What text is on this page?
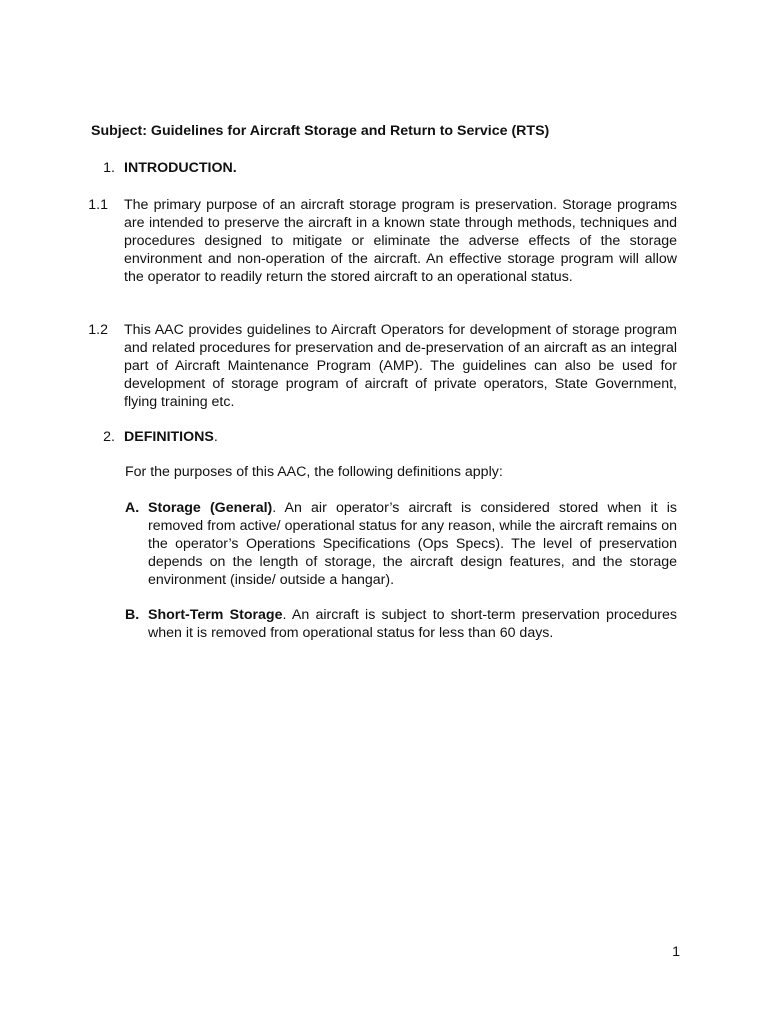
Subject: Guidelines for Aircraft Storage and Return to Service (RTS)
1. INTRODUCTION.
1.1 The primary purpose of an aircraft storage program is preservation. Storage programs are intended to preserve the aircraft in a known state through methods, techniques and procedures designed to mitigate or eliminate the adverse effects of the storage environment and non-operation of the aircraft. An effective storage program will allow the operator to readily return the stored aircraft to an operational status.
1.2 This AAC provides guidelines to Aircraft Operators for development of storage program and related procedures for preservation and de-preservation of an aircraft as an integral part of Aircraft Maintenance Program (AMP). The guidelines can also be used for development of storage program of aircraft of private operators, State Government, flying training etc.
2. DEFINITIONS.
For the purposes of this AAC, the following definitions apply:
A. Storage (General). An air operator’s aircraft is considered stored when it is removed from active/ operational status for any reason, while the aircraft remains on the operator’s Operations Specifications (Ops Specs). The level of preservation depends on the length of storage, the aircraft design features, and the storage environment (inside/ outside a hangar).
B. Short-Term Storage. An aircraft is subject to short-term preservation procedures when it is removed from operational status for less than 60 days.
1
